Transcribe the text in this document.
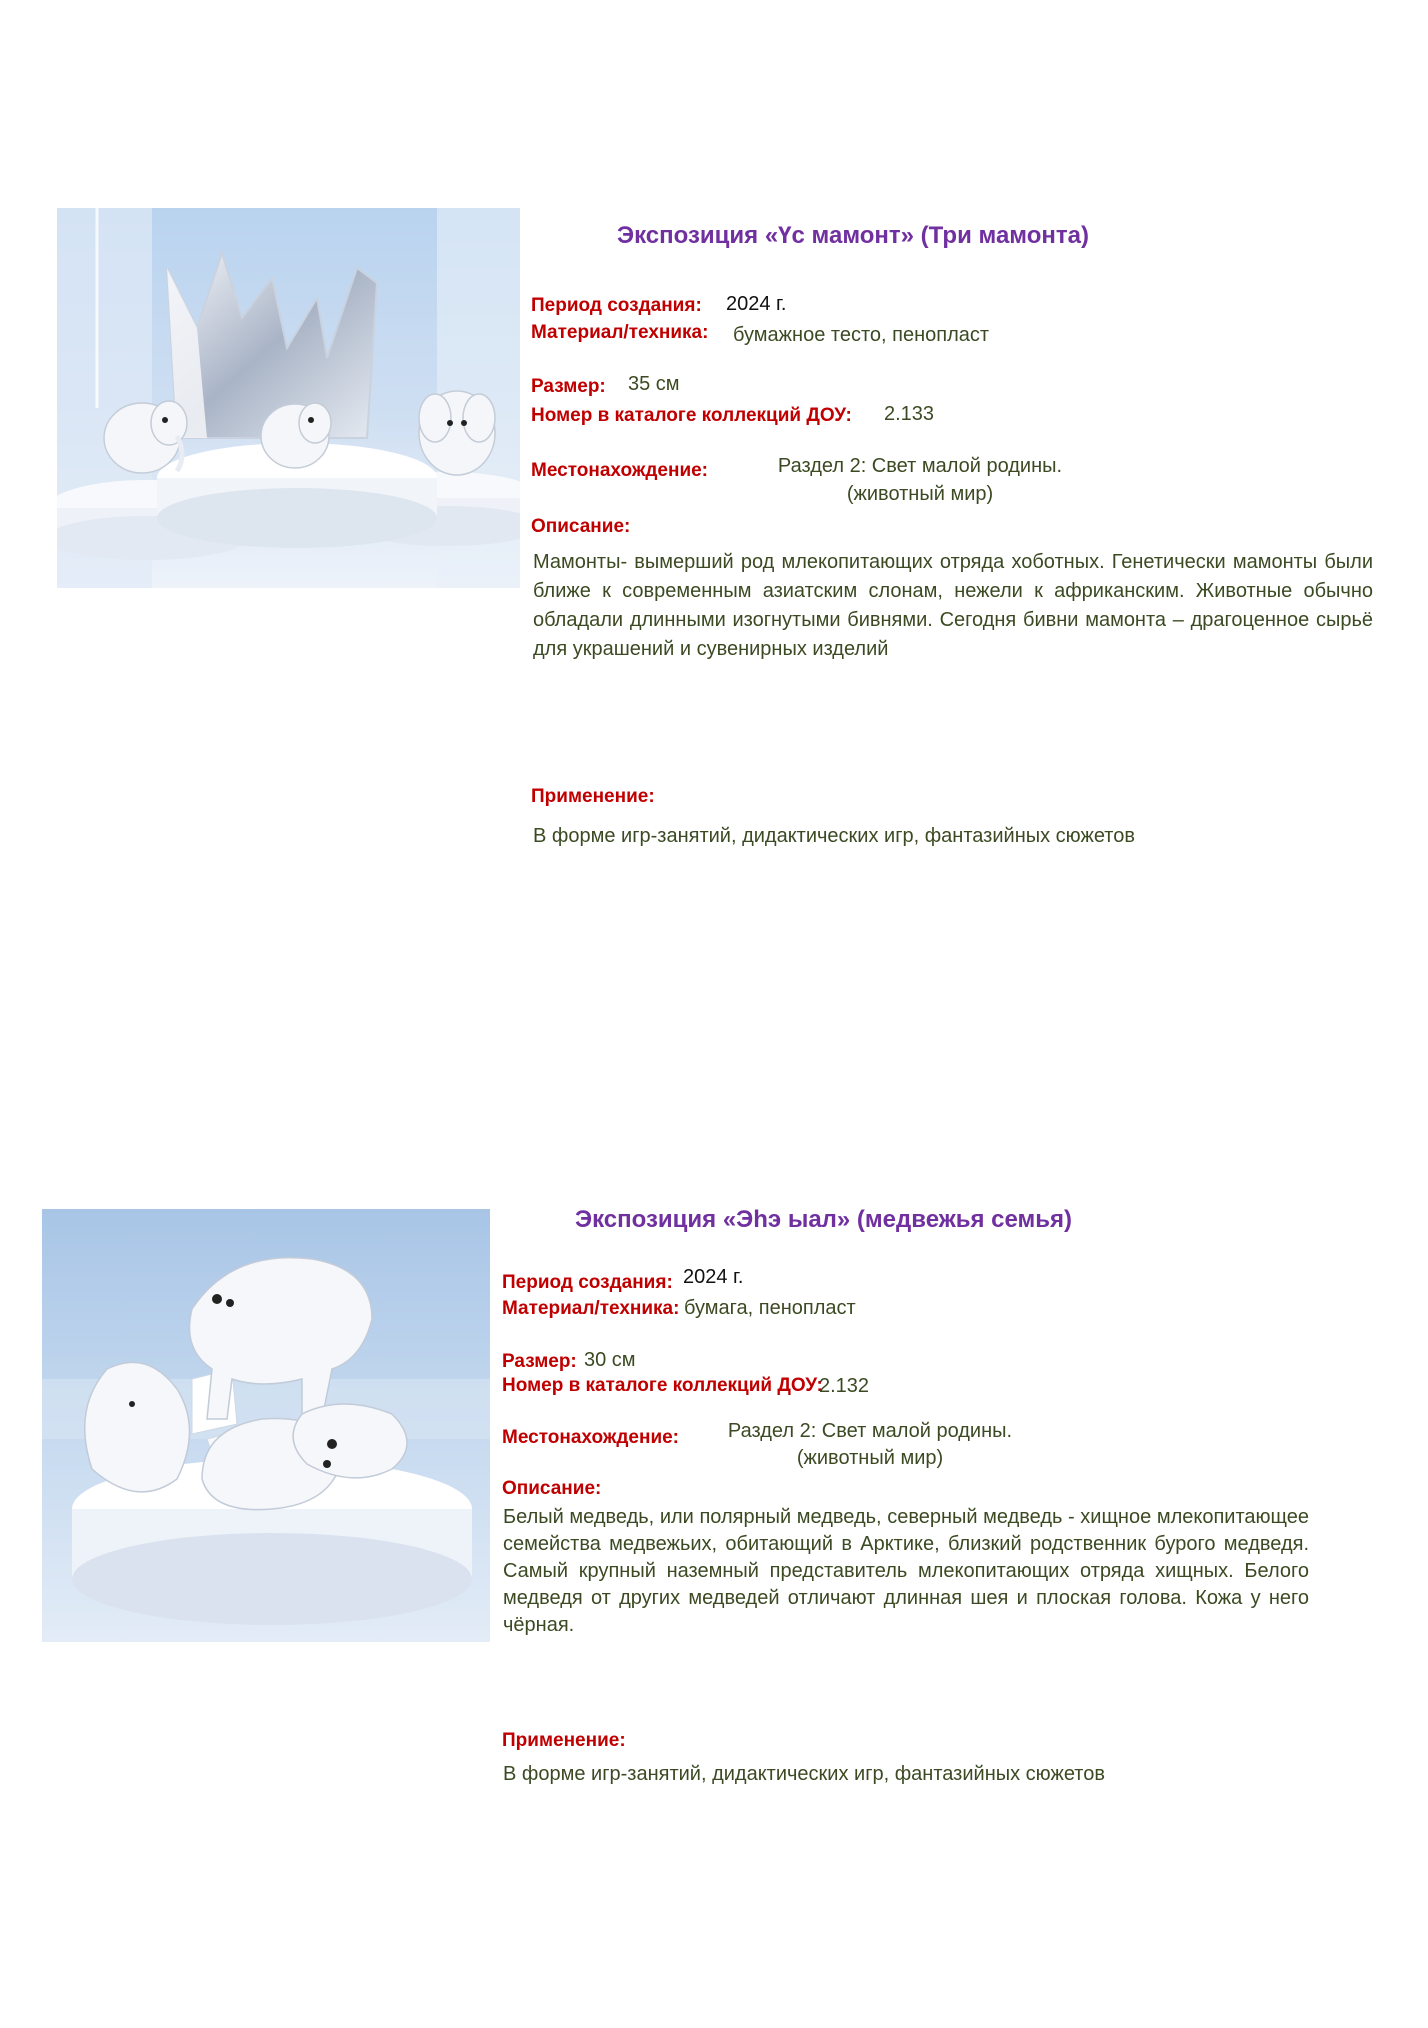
Экспозиция «Үс мамонт» (Три мамонта)
Период создания: 2024 г.
Материал/техника: бумажное тесто, пенопласт
Размер: 35 см
Номер в каталоге коллекций ДОУ: 2.133
Местонахождение:	Раздел 2: Свет малой родины.
(животный мир)
Описание:
Мамонты- вымерший род млекопитающих отряда хоботных. Генетически мамонты были ближе к современным азиатским слонам, нежели к африканским. Животные обычно обладали длинными изогнутыми бивнями. Сегодня бивни мамонта – драгоценное сырьё для украшений и сувенирных изделий
Применение:
В форме игр-занятий, дидактических игр, фантазийных сюжетов
Экспозиция «Эһэ ыал» (медвежья семья)
Период создания: 2024 г.
Материал/техника: бумага, пенопласт
Размер: 30 см
Номер в каталоге коллекций ДОУ:
2.132
Местонахождение:	Раздел 2: Свет малой родины.
(животный мир)
Описание:
Белый медведь, или полярный медведь, северный медведь - хищное млекопитающее семейства медвежьих, обитающий в Арктике, близкий родственник бурого медведя. Самый крупный наземный представитель млекопитающих отряда хищных. Белого медведя от других медведей отличают длинная шея и плоская голова. Кожа у него чёрная.
Применение:
В форме игр-занятий, дидактических игр, фантазийных сюжетов
